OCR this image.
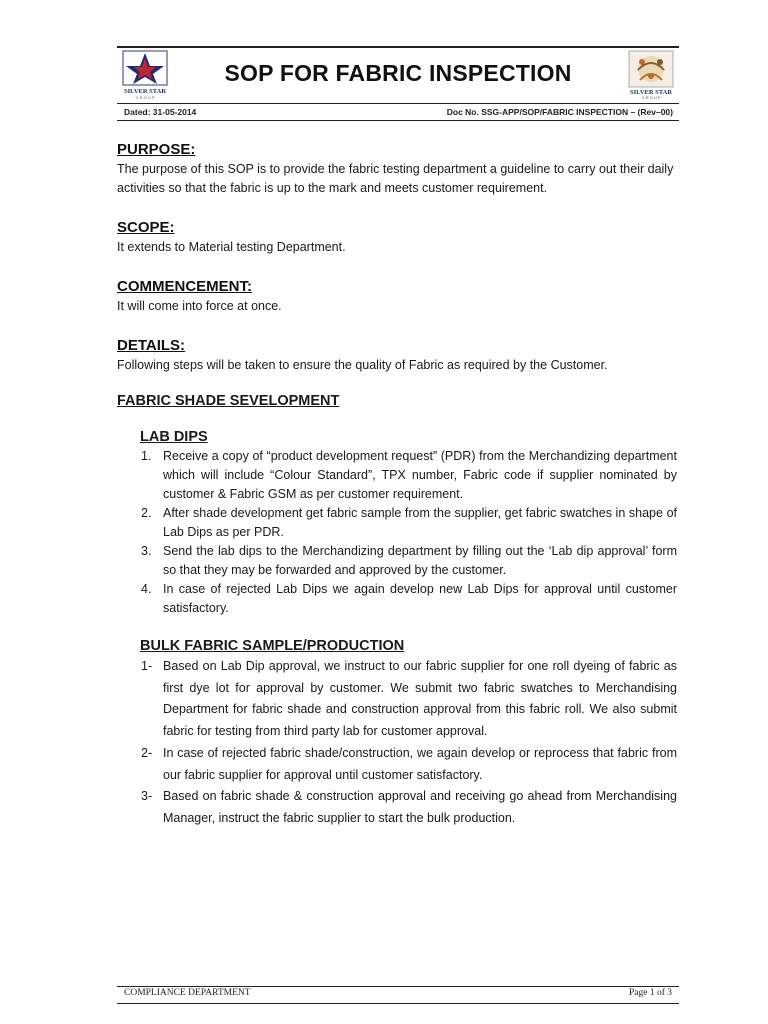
SILVER STAR
G R O U P
SOP FOR FABRIC INSPECTION
SILVER STAR
G R O U P
Dated: 31-05-2014	Doc No. SSG-APP/SOP/FABRIC INSPECTION – (Rev–00)
PURPOSE:

The purpose of this SOP is to provide the fabric testing department a guideline to carry out their daily activities so that the fabric is up to the mark and meets customer requirement.

SCOPE:

It extends to Material testing Department.

COMMENCEMENT:

It will come into force at once.

DETAILS:

Following steps will be taken to ensure the quality of Fabric as required by the Customer.

FABRIC SHADE SEVELOPMENT
LAB DIPS
1. Receive a copy of “product development request” (PDR) from the Merchandizing department which will include “Colour Standard”, TPX number, Fabric code if supplier nominated by customer & Fabric GSM as per customer requirement.
2. After shade development get fabric sample from the supplier, get fabric swatches in shape of Lab Dips as per PDR.
3. Send the lab dips to the Merchandizing department by filling out the ‘Lab dip approval’ form so that they may be forwarded and approved by the customer.
4. In case of rejected Lab Dips we again develop new Lab Dips for approval until customer satisfactory.
BULK FABRIC SAMPLE/PRODUCTION
1- Based on Lab Dip approval, we instruct to our fabric supplier for one roll dyeing of fabric as first dye lot for approval by customer. We submit two fabric swatches to Merchandising Department for fabric shade and construction approval from this fabric roll. We also submit fabric for testing from third party lab for customer approval.
2- In case of rejected fabric shade/construction, we again develop or reprocess that fabric from our fabric supplier for approval until customer satisfactory.
3- Based on fabric shade & construction approval and receiving go ahead from Merchandising Manager, instruct the fabric supplier to start the bulk production.
COMPLIANCE DEPARTMENT	Page 1 of 3
